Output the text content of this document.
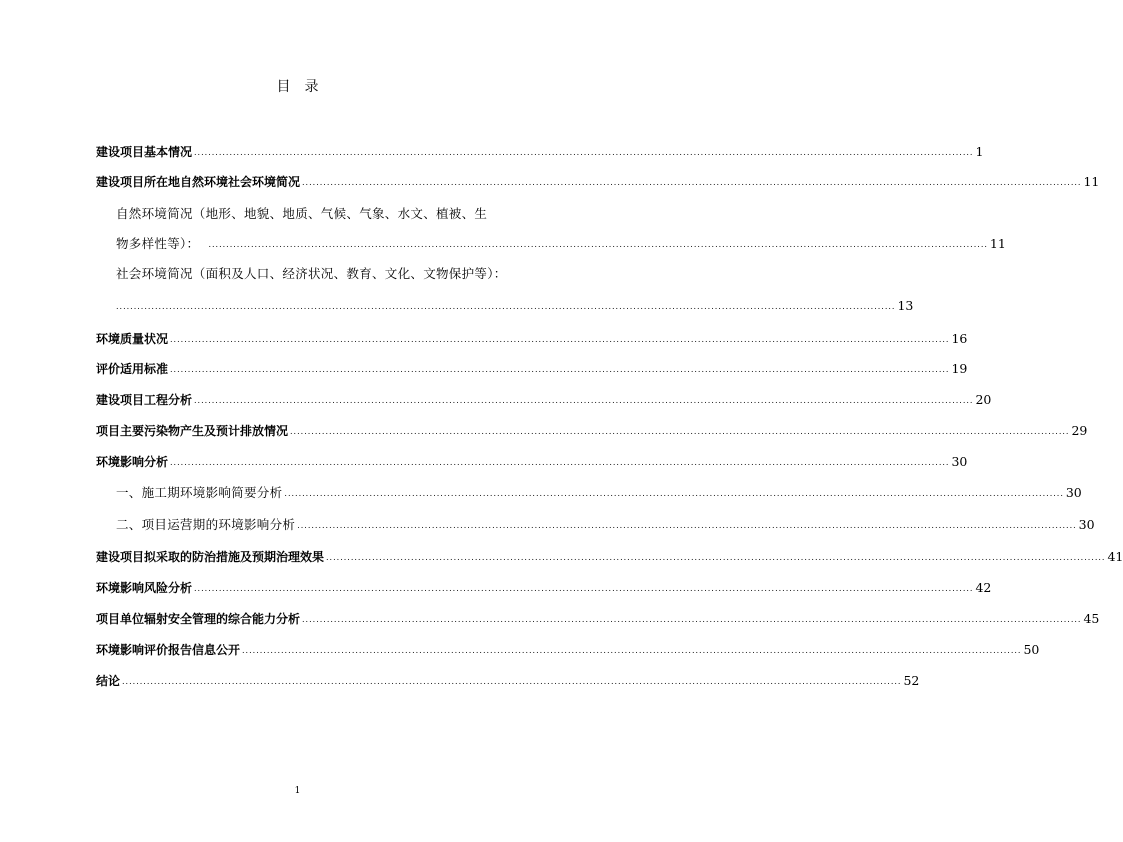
目　录
建设项目基本情况 ............................................................................................................................................................................................................................ 1
建设项目所在地自然环境社会环境简况 ............................................................................................................................................................................................................................ 11
自然环境简况（地形、地貌、地质、气候、气象、水文、植被、生
物多样性等）： ............................................................................................................................................................................................................................ 11
社会环境简况（面积及人口、经济状况、教育、文化、文物保护等）：
............................................................................................................................................................................................................................ 13
环境质量状况 ............................................................................................................................................................................................................................ 16
评价适用标准 ............................................................................................................................................................................................................................ 19
建设项目工程分析 ............................................................................................................................................................................................................................ 20
项目主要污染物产生及预计排放情况 ............................................................................................................................................................................................................................ 29
环境影响分析 ............................................................................................................................................................................................................................ 30
一、施工期环境影响简要分析 ............................................................................................................................................................................................................................ 30
二、项目运营期的环境影响分析 ............................................................................................................................................................................................................................ 30
建设项目拟采取的防治措施及预期治理效果 ............................................................................................................................................................................................................................ 41
环境影响风险分析 ............................................................................................................................................................................................................................ 42
项目单位辐射安全管理的综合能力分析 ............................................................................................................................................................................................................................ 45
环境影响评价报告信息公开 ............................................................................................................................................................................................................................ 50
结论 ............................................................................................................................................................................................................................ 52
1
